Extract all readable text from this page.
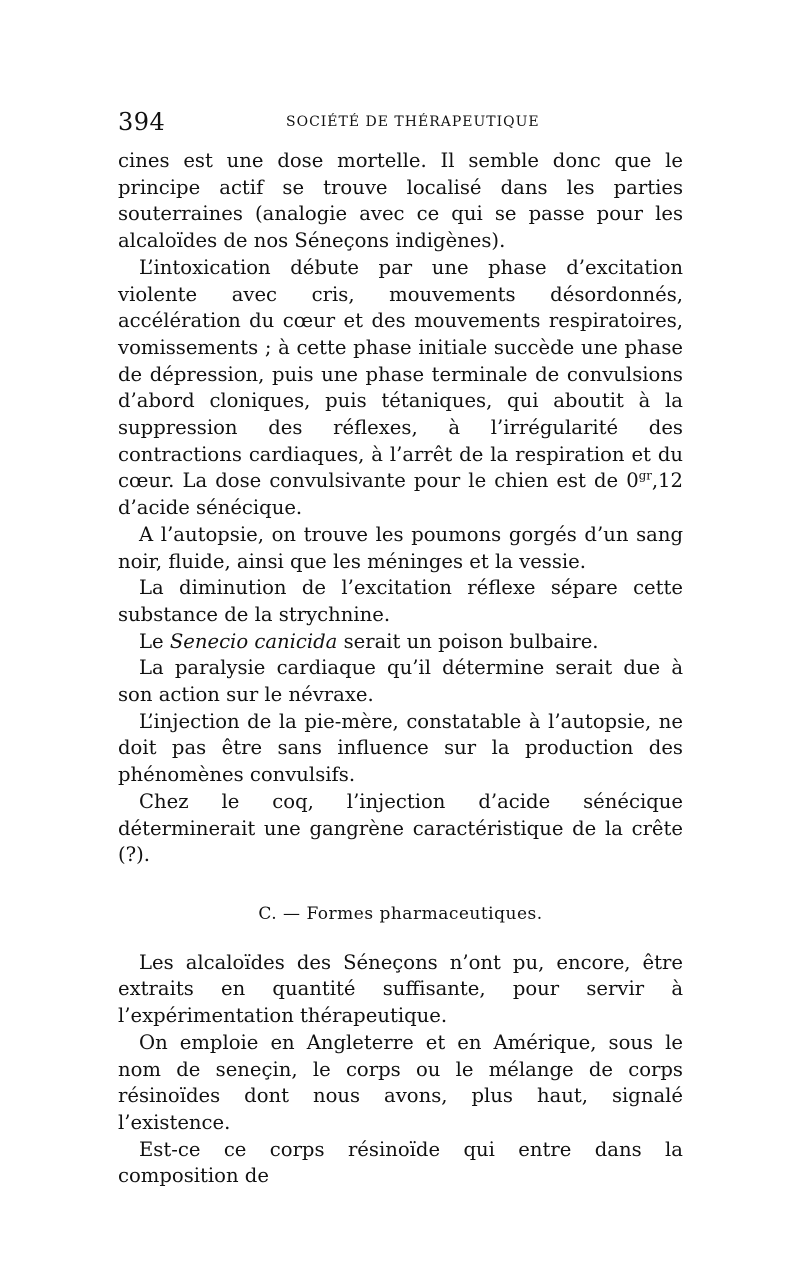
394	SOCIÉTÉ DE THÉRAPEUTIQUE

cines est une dose mortelle. Il semble donc que le principe actif se trouve localisé dans les parties souterraines (analogie avec ce qui se passe pour les alcaloïdes de nos Séneçons indigènes).

L’intoxication débute par une phase d’excitation violente avec cris, mouvements désordonnés, accélération du cœur et des mouvements respiratoires, vomissements ; à cette phase initiale succède une phase de dépression, puis une phase terminale de convulsions d’abord cloniques, puis tétaniques, qui aboutit à la suppression des réflexes, à l’irrégularité des contractions cardiaques, à l’arrêt de la respiration et du cœur. La dose convulsivante pour le chien est de $0^{gr},12$ d’acide sénécique.

A l’autopsie, on trouve les poumons gorgés d’un sang noir, fluide, ainsi que les méninges et la vessie.

La diminution de l’excitation réflexe sépare cette substance de la strychnine.

Le Senecio canicida serait un poison bulbaire.

La paralysie cardiaque qu’il détermine serait due à son action sur le névraxe.

L’injection de la pie-mère, constatable à l’autopsie, ne doit pas être sans influence sur la production des phénomènes convulsifs.

Chez le coq, l’injection d’acide sénécique déterminerait une gangrène caractéristique de la crête (?).

C. — Formes pharmaceutiques.

Les alcaloïdes des Séneçons n’ont pu, encore, être extraits en quantité suffisante, pour servir à l’expérimentation thérapeutique.

On emploie en Angleterre et en Amérique, sous le nom de seneçin, le corps ou le mélange de corps résinoïdes dont nous avons, plus haut, signalé l’existence.

Est-ce ce corps résinoïde qui entre dans la composition de
